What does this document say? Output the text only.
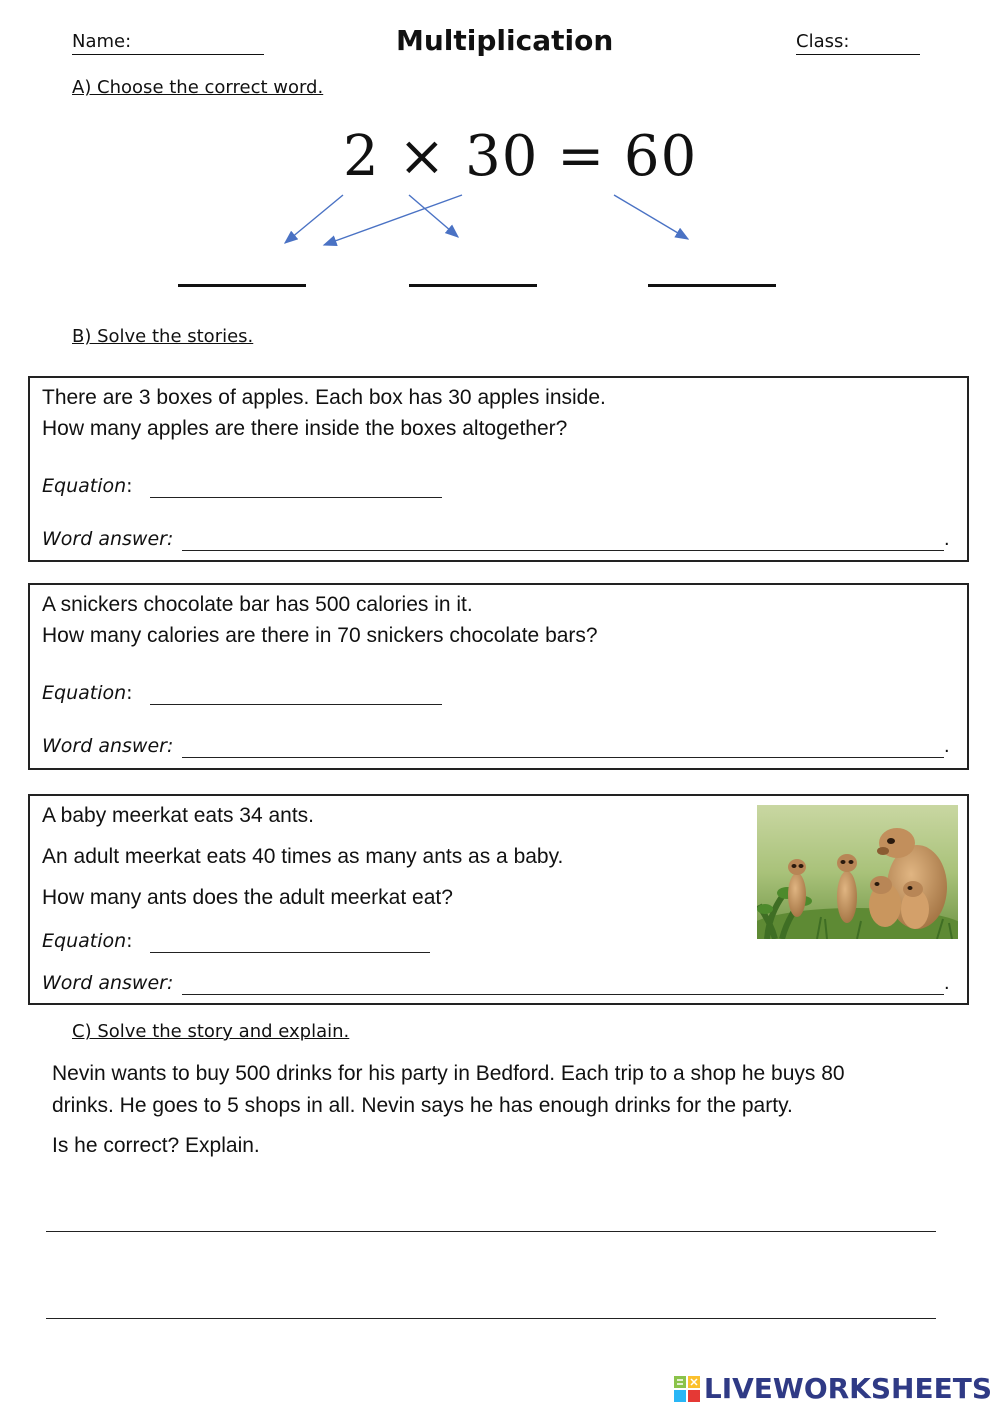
Name:	Multiplication	Class:
A) Choose the correct word.
2 × 30 = 60
B) Solve the stories.
There are 3 boxes of apples. Each box has 30 apples inside.
How many apples are there inside the boxes altogether?
Equation:
Word answer:	.
A snickers chocolate bar has 500 calories in it.
How many calories are there in 70 snickers chocolate bars?
Equation:
Word answer:	.
A baby meerkat eats 34 ants.
An adult meerkat eats 40 times as many ants as a baby.
How many ants does the adult meerkat eat?
Equation:
Word answer:	.
C) Solve the story and explain.
Nevin wants to buy 500 drinks for his party in Bedford. Each trip to a shop he buys 80
drinks. He goes to 5 shops in all. Nevin says he has enough drinks for the party.
Is he correct? Explain.
LIVEWORKSHEETS
